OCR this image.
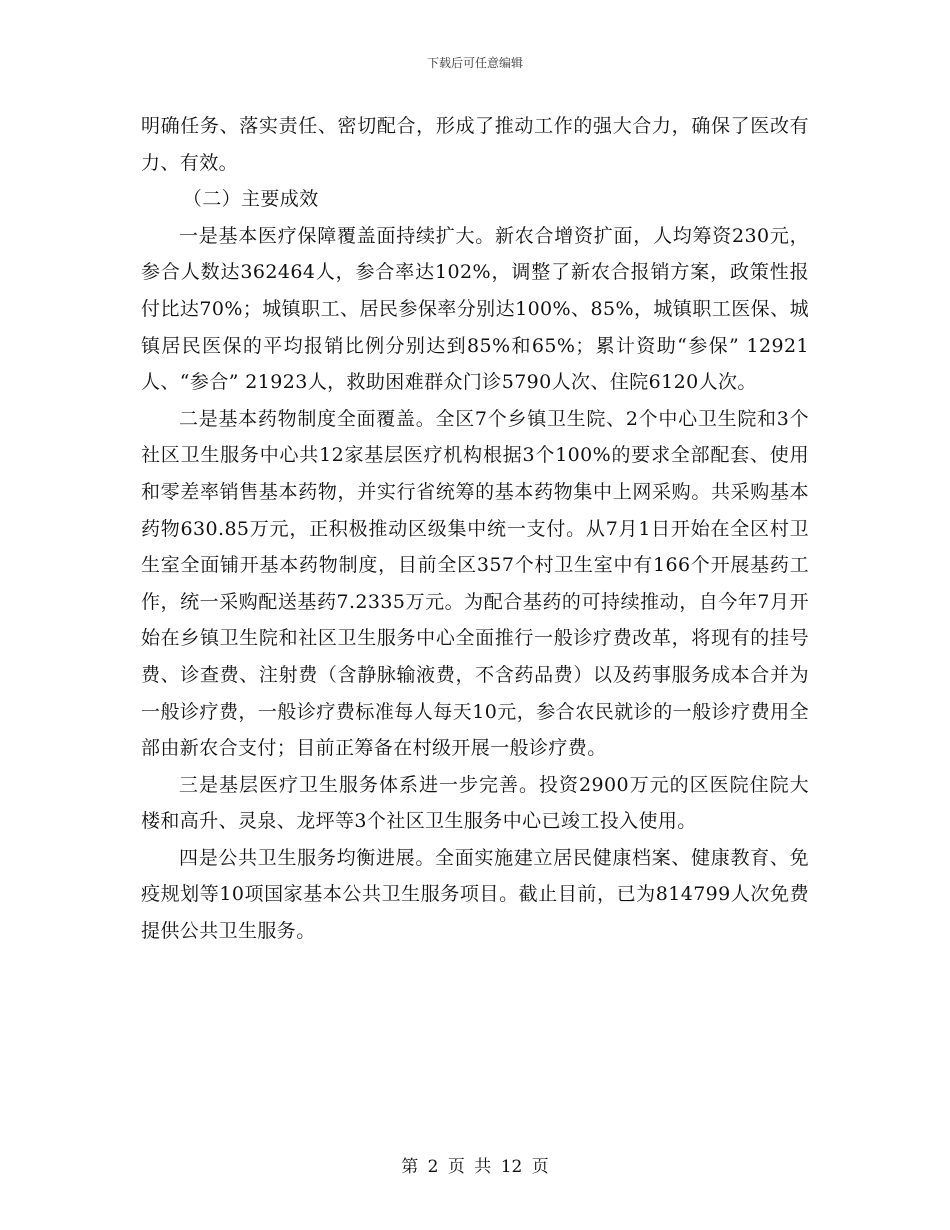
下载后可任意编辑

明确任务、落实责任、密切配合，形成了推动工作的强大合力，确保了医改有力、有效。

（二）主要成效

一是基本医疗保障覆盖面持续扩大。新农合增资扩面，人均筹资230元，参合人数达362464人，参合率达102%，调整了新农合报销方案，政策性报付比达70%；城镇职工、居民参保率分别达100%、85%，城镇职工医保、城镇居民医保的平均报销比例分别达到85%和65%；累计资助“参保” 12921人、“参合” 21923人，救助困难群众门诊5790人次、住院6120人次。

二是基本药物制度全面覆盖。全区7个乡镇卫生院、2个中心卫生院和3个社区卫生服务中心共12家基层医疗机构根据3个100%的要求全部配套、使用和零差率销售基本药物，并实行省统筹的基本药物集中上网采购。共采购基本药物630.85万元，正积极推动区级集中统一支付。从7月1日开始在全区村卫生室全面铺开基本药物制度，目前全区357个村卫生室中有166个开展基药工作，统一采购配送基药7.2335万元。为配合基药的可持续推动，自今年7月开始在乡镇卫生院和社区卫生服务中心全面推行一般诊疗费改革，将现有的挂号费、诊查费、注射费（含静脉输液费，不含药品费）以及药事服务成本合并为一般诊疗费，一般诊疗费标准每人每天10元，参合农民就诊的一般诊疗费用全部由新农合支付；目前正筹备在村级开展一般诊疗费。

三是基层医疗卫生服务体系进一步完善。投资2900万元的区医院住院大楼和高升、灵泉、龙坪等3个社区卫生服务中心已竣工投入使用。

四是公共卫生服务均衡进展。全面实施建立居民健康档案、健康教育、免疫规划等10项国家基本公共卫生服务项目。截止目前，已为814799人次免费提供公共卫生服务。

第 2 页 共 12 页
